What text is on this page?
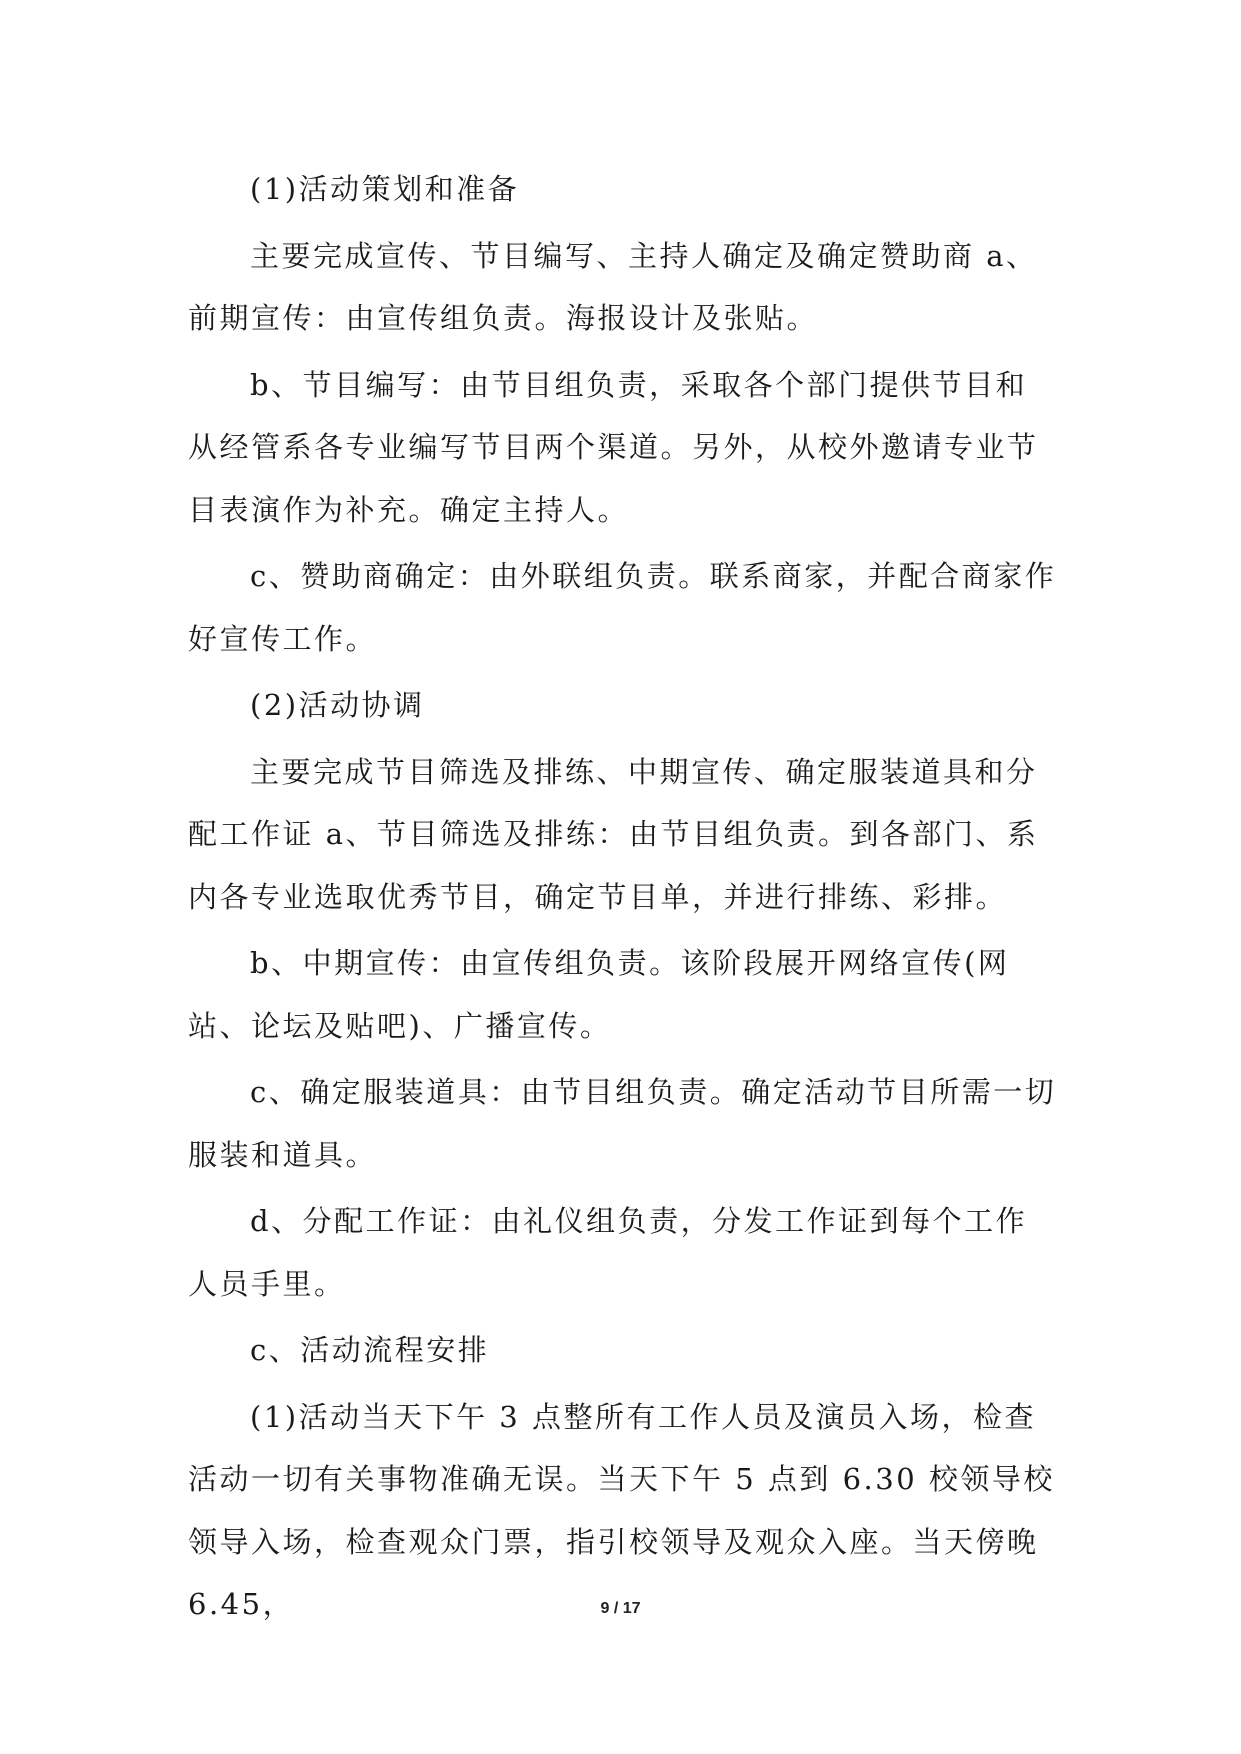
(1)活动策划和准备

主要完成宣传、节目编写、主持人确定及确定赞助商 a、前期宣传：由宣传组负责。海报设计及张贴。

b、节目编写：由节目组负责，采取各个部门提供节目和从经管系各专业编写节目两个渠道。另外，从校外邀请专业节目表演作为补充。确定主持人。

c、赞助商确定：由外联组负责。联系商家，并配合商家作好宣传工作。

(2)活动协调

主要完成节目筛选及排练、中期宣传、确定服装道具和分配工作证 a、节目筛选及排练：由节目组负责。到各部门、系内各专业选取优秀节目，确定节目单，并进行排练、彩排。

b、中期宣传：由宣传组负责。该阶段展开网络宣传(网站、论坛及贴吧)、广播宣传。

c、确定服装道具：由节目组负责。确定活动节目所需一切服装和道具。

d、分配工作证：由礼仪组负责，分发工作证到每个工作人员手里。

c、活动流程安排

(1)活动当天下午 3 点整所有工作人员及演员入场，检查活动一切有关事物准确无误。当天下午 5 点到 6.30 校领导校领导入场，检查观众门票，指引校领导及观众入座。当天傍晚 6.45，	9 / 17
